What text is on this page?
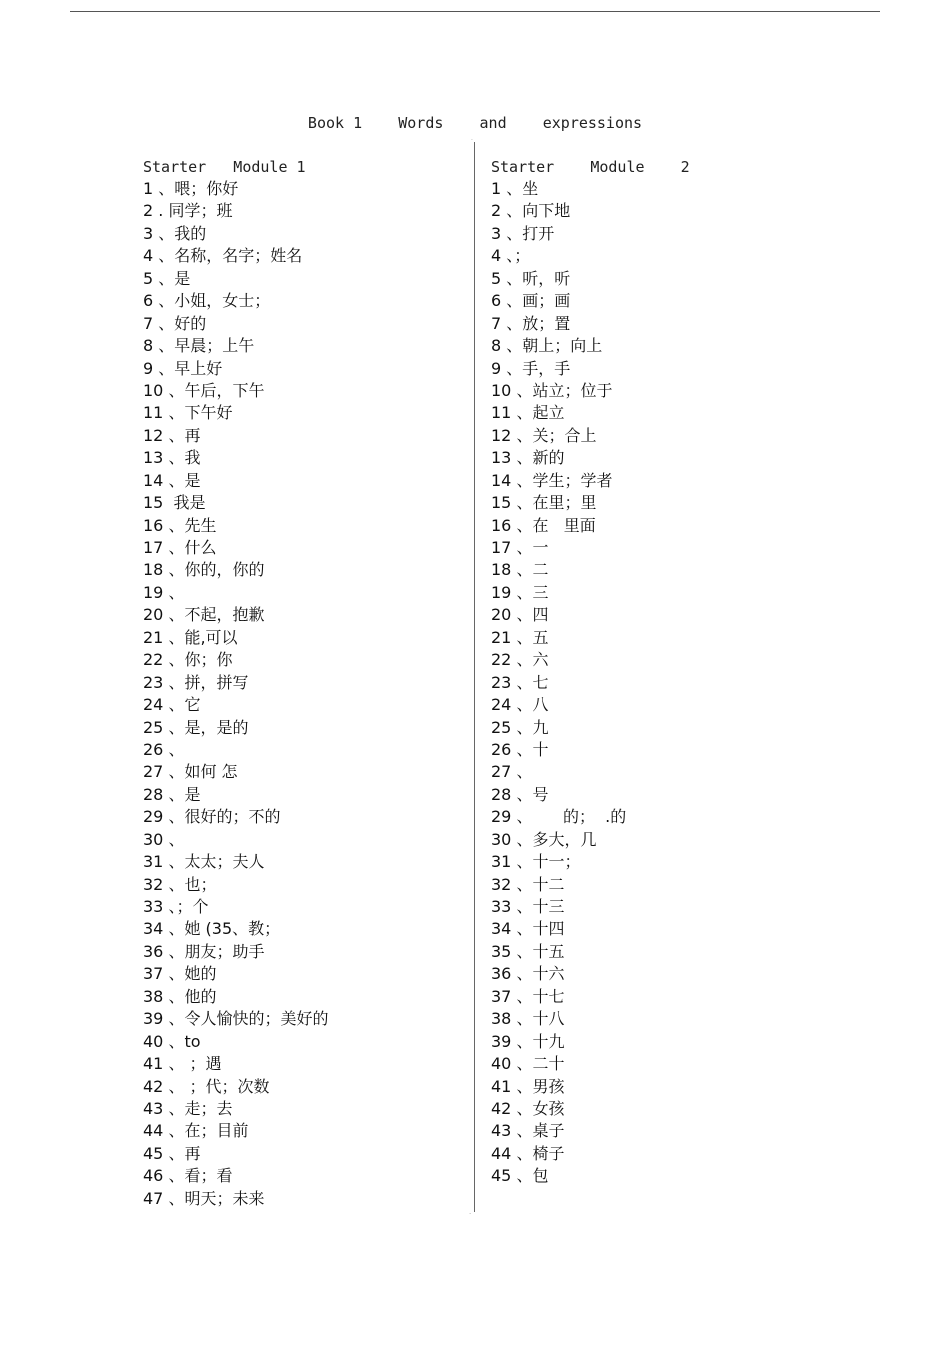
Book 1    Words    and    expressions
·
·
Starter   Module 1
1 、喂；你好
2 . 同学；班
3 、我的
4 、名称，名字；姓名
5 、是
6 、小姐，女士；
7 、好的
8 、早晨；上午
9 、早上好
10 、午后，下午
11 、下午好
12 、再
13 、我
14 、是
15  我是
16 、先生
17 、什么
18 、你的，你的
19 、
20 、不起，抱歉
21 、能,可以
22 、你；你
23 、拼，拼写
24 、它
25 、是，是的
26 、
27 、如何 怎
28 、是
29 、很好的；不的
30 、
31 、太太；夫人
32 、也；
33 、；个
34 、她 (35、教；
36 、朋友；助手
37 、她的
38 、他的
39 、令人愉快的；美好的
40 、to
41 、 ；遇
42 、 ；代；次数
43 、走；去
44 、在；目前
45 、再
46 、看；看
47 、明天；未来
Starter    Module    2
1 、坐
2 、向下地
3 、打开
4 、；
5 、听，听
6 、画；画
7 、放；置
8 、朝上；向上
9 、手，手
10 、站立；位于
11 、起立
12 、关；合上
13 、新的
14 、学生；学者
15 、在里；里
16 、在   里面
17 、一
18 、二
19 、三
20 、四
21 、五
22 、六
23 、七
24 、八
25 、九
26 、十
27 、
28 、号
29 、      的；  .的
30 、多大，几
31 、十一；
32 、十二
33 、十三
34 、十四
35 、十五
36 、十六
37 、十七
38 、十八
39 、十九
40 、二十
41 、男孩
42 、女孩
43 、桌子
44 、椅子
45 、包
